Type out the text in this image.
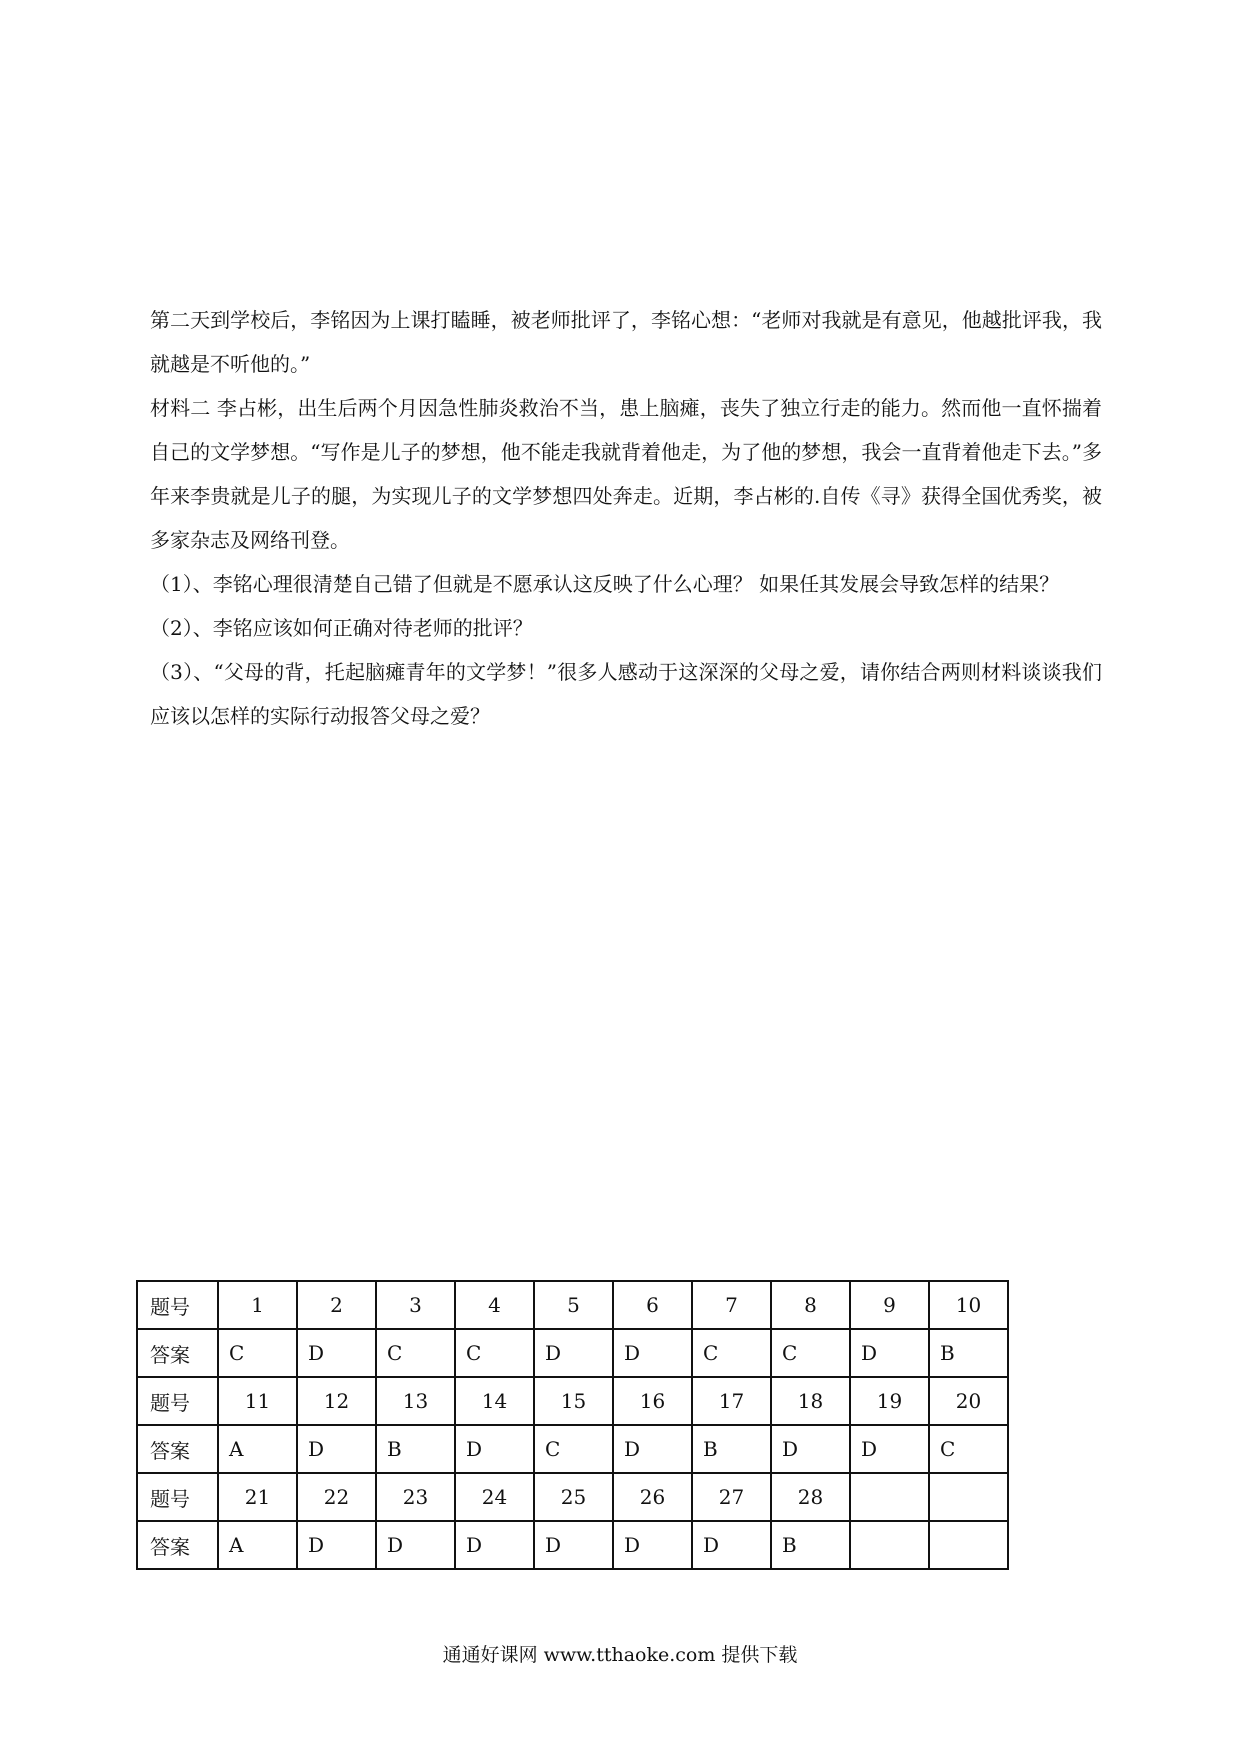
第二天到学校后，李铭因为上课打瞌睡，被老师批评了，李铭心想：“老师对我就是有意见，他越批评我，我就越是不听他的。”

材料二 李占彬，出生后两个月因急性肺炎救治不当，患上脑瘫，丧失了独立行走的能力。然而他一直怀揣着自己的文学梦想。“写作是儿子的梦想，他不能走我就背着他走，为了他的梦想，我会一直背着他走下去。”多年来李贵就是儿子的腿，为实现儿子的文学梦想四处奔走。近期，李占彬的.自传《寻》获得全国优秀奖，被多家杂志及网络刊登。

（1）、李铭心理很清楚自己错了但就是不愿承认这反映了什么心理？ 如果任其发展会导致怎样的结果？

（2）、李铭应该如何正确对待老师的批评？

（3）、“父母的背，托起脑瘫青年的文学梦！”很多人感动于这深深的父母之爱，请你结合两则材料谈谈我们应该以怎样的实际行动报答父母之爱？

题号	1	2	3	4	5	6	7	8	9	10
答案	C	D	C	C	D	D	C	C	D	B
题号	11	12	13	14	15	16	17	18	19	20
答案	A	D	B	D	C	D	B	D	D	C
题号	21	22	23	24	25	26	27	28		
答案	A	D	D	D	D	D	D	B		
通通好课网 www.tthaoke.com 提供下载
